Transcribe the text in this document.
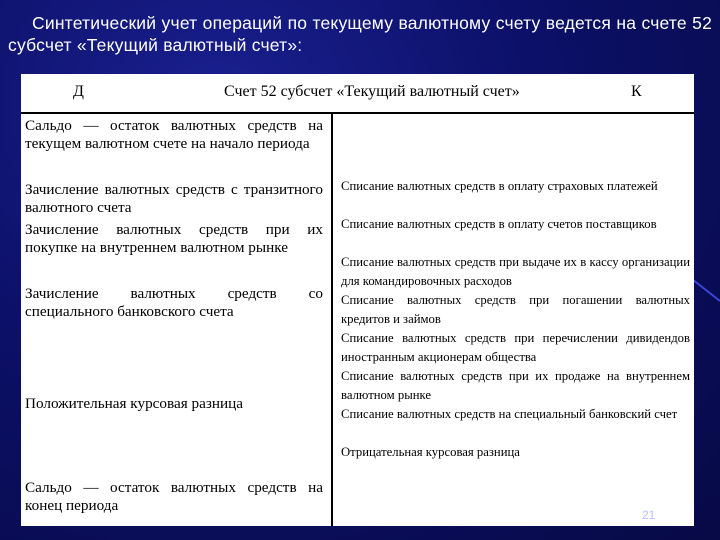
Синтетический учет операций по текущему валютному счету ведется на счете 52 субсчет «Текущий валютный счет»:
Д	Счет 52 субсчет «Текущий валютный счет»	К
Сальдо — остаток валютных средств на текущем валютном счете на начало периода
Зачисление валютных средств с транзитного валютного счета
Зачисление валютных средств при их покупке на внутреннем валютном рынке
Зачисление валютных средств со специального банковского счета
Положительная курсовая разница
Сальдо — остаток валютных средств на конец периода
Списание валютных средств в оплату страховых платежей
Списание валютных средств в оплату счетов поставщиков
Списание валютных средств при выдаче их в кассу организации для командировочных расходов
Списание валютных средств при погашении валютных кредитов и займов
Списание валютных средств при перечислении дивидендов иностранным акционерам общества
Списание валютных средств при их продаже на внутреннем валютном рынке
Списание валютных средств на специальный банковский счет
Отрицательная курсовая разница
21
